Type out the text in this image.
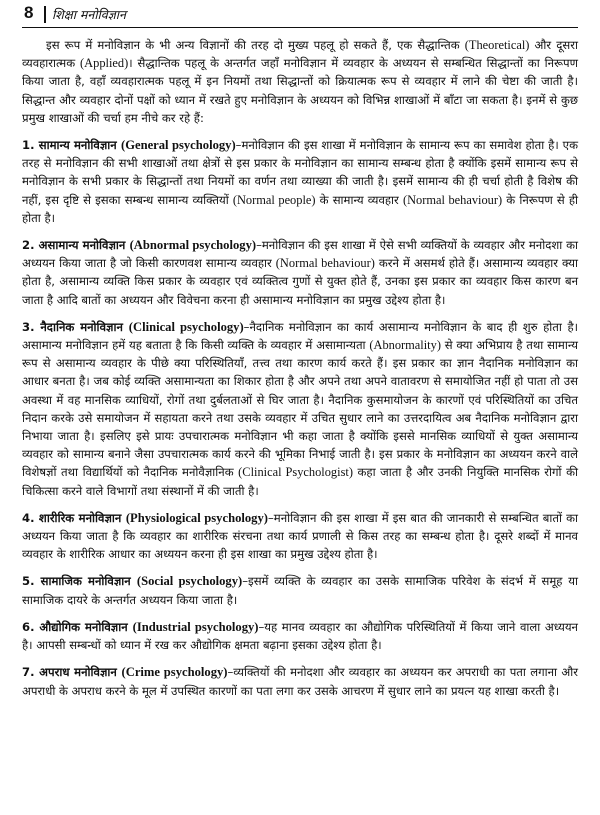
8 शिक्षा मनोविज्ञान

इस रूप में मनोविज्ञान के भी अन्य विज्ञानों की तरह दो मुख्य पहलू हो सकते हैं, एक सैद्धान्तिक (Theoretical) और दूसरा व्यवहारात्मक (Applied)। सैद्धान्तिक पहलू के अन्तर्गत जहाँ मनोविज्ञान में व्यवहार के अध्ययन से सम्बन्धित सिद्धान्तों का निरूपण किया जाता है, वहाँ व्यवहारात्मक पहलू में इन नियमों तथा सिद्धान्तों को क्रियात्मक रूप से व्यवहार में लाने की चेष्टा की जाती है। सिद्धान्त और व्यवहार दोनों पक्षों को ध्यान में रखते हुए मनोविज्ञान के अध्ययन को विभिन्न शाखाओं में बाँटा जा सकता है। इनमें से कुछ प्रमुख शाखाओं की चर्चा हम नीचे कर रहे हैं:

1. सामान्य मनोविज्ञान (General psychology)–मनोविज्ञान की इस शाखा में मनोविज्ञान के सामान्य रूप का समावेश होता है। एक तरह से मनोविज्ञान की सभी शाखाओं तथा क्षेत्रों से इस प्रकार के मनोविज्ञान का सामान्य सम्बन्ध होता है क्योंकि इसमें सामान्य रूप से मनोविज्ञान के सभी प्रकार के सिद्धान्तों तथा नियमों का वर्णन तथा व्याख्या की जाती है। इसमें सामान्य की ही चर्चा होती है विशेष की नहीं, इस दृष्टि से इसका सम्बन्ध सामान्य व्यक्तियों (Normal people) के सामान्य व्यवहार (Normal behaviour) के निरूपण से ही होता है।

2. असामान्य मनोविज्ञान (Abnormal psychology)–मनोविज्ञान की इस शाखा में ऐसे सभी व्यक्तियों के व्यवहार और मनोदशा का अध्ययन किया जाता है जो किसी कारणवश सामान्य व्यवहार (Normal behaviour) करने में असमर्थ होते हैं। असामान्य व्यवहार क्या होता है, असामान्य व्यक्ति किस प्रकार के व्यवहार एवं व्यक्तित्व गुणों से युक्त होते हैं, उनका इस प्रकार का व्यवहार किस कारण बन जाता है आदि बातों का अध्ययन और विवेचना करना ही असामान्य मनोविज्ञान का प्रमुख उद्देश्य होता है।

3. नैदानिक मनोविज्ञान (Clinical psychology)–नैदानिक मनोविज्ञान का कार्य असामान्य मनोविज्ञान के बाद ही शुरु होता है। असामान्य मनोविज्ञान हमें यह बताता है कि किसी व्यक्ति के व्यवहार में असामान्यता (Abnormality) से क्या अभिप्राय है तथा सामान्य रूप से असामान्य व्यवहार के पीछे क्या परिस्थितियाँ, तत्त्व तथा कारण कार्य करते हैं। इस प्रकार का ज्ञान नैदानिक मनोविज्ञान का आधार बनता है। जब कोई व्यक्ति असामान्यता का शिकार होता है और अपने तथा अपने वातावरण से समायोजित नहीं हो पाता तो उस अवस्था में वह मानसिक व्याधियों, रोगों तथा दुर्बलताओं से घिर जाता है। नैदानिक कुसमायोजन के कारणों एवं परिस्थितियों का उचित निदान करके उसे समायोजन में सहायता करने तथा उसके व्यवहार में उचित सुधार लाने का उत्तरदायित्व अब नैदानिक मनोविज्ञान द्वारा निभाया जाता है। इसलिए इसे प्रायः उपचारात्मक मनोविज्ञान भी कहा जाता है क्योंकि इससे मानसिक व्याधियों से युक्त असामान्य व्यवहार को सामान्य बनाने जैसा उपचारात्मक कार्य करने की भूमिका निभाई जाती है। इस प्रकार के मनोविज्ञान का अध्ययन करने वाले विशेषज्ञों तथा विद्यार्थियों को नैदानिक मनोवैज्ञानिक (Clinical Psychologist) कहा जाता है और उनकी नियुक्ति मानसिक रोगों की चिकित्सा करने वाले विभागों तथा संस्थानों में की जाती है।

4. शारीरिक मनोविज्ञान (Physiological psychology)–मनोविज्ञान की इस शाखा में इस बात की जानकारी से सम्बन्धित बातों का अध्ययन किया जाता है कि व्यवहार का शारीरिक संरचना तथा कार्य प्रणाली से किस तरह का सम्बन्ध होता है। दूसरे शब्दों में मानव व्यवहार के शारीरिक आधार का अध्ययन करना ही इस शाखा का प्रमुख उद्देश्य होता है।

5. सामाजिक मनोविज्ञान (Social psychology)–इसमें व्यक्ति के व्यवहार का उसके सामाजिक परिवेश के संदर्भ में समूह या सामाजिक दायरे के अन्तर्गत अध्ययन किया जाता है।

6. औद्योगिक मनोविज्ञान (Industrial psychology)–यह मानव व्यवहार का औद्योगिक परिस्थितियों में किया जाने वाला अध्ययन है। आपसी सम्बन्धों को ध्यान में रख कर औद्योगिक क्षमता बढ़ाना इसका उद्देश्य होता है।

7. अपराध मनोविज्ञान (Crime psychology)–व्यक्तियों की मनोदशा और व्यवहार का अध्ययन कर अपराधी का पता लगाना और अपराधी के अपराध करने के मूल में उपस्थित कारणों का पता लगा कर उसके आचरण में सुधार लाने का प्रयत्न यह शाखा करती है।
